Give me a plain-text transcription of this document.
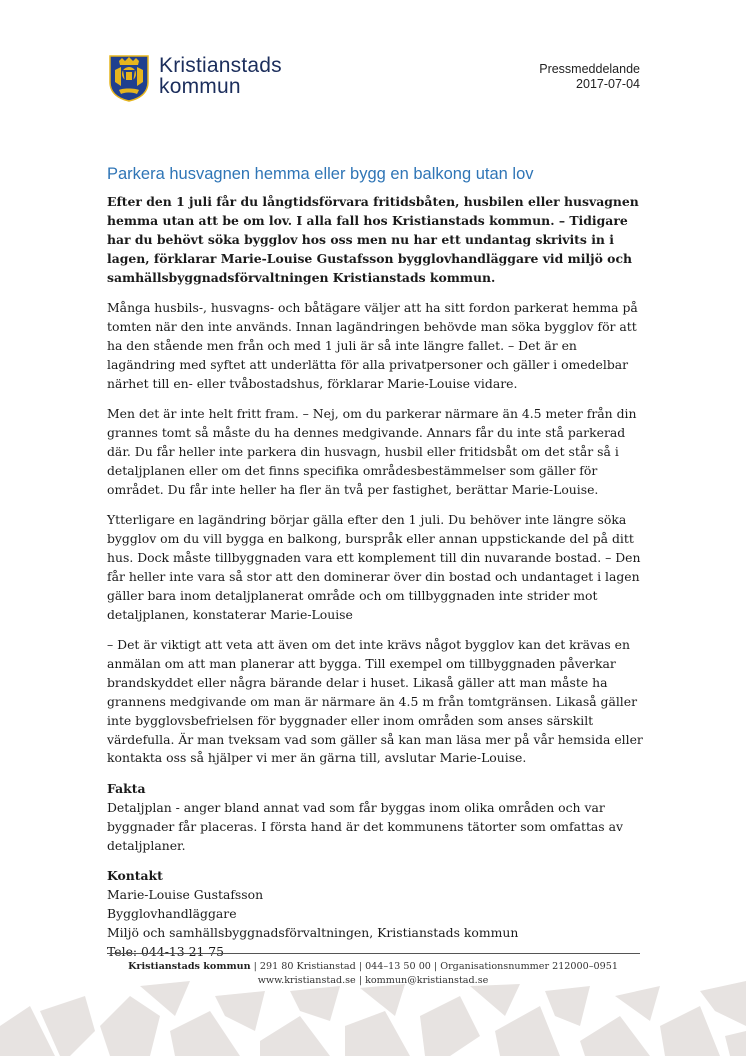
Kristianstads
kommun
Pressmeddelande
2017-07-04
Parkera husvagnen hemma eller bygg en balkong utan lov

Efter den 1 juli får du långtidsförvara fritidsbåten, husbilen eller husvagnen hemma utan att be om lov. I alla fall hos Kristianstads kommun. – Tidigare har du behövt söka bygglov hos oss men nu har ett undantag skrivits in i lagen, förklarar Marie-Louise Gustafsson bygglovhandläggare vid miljö och samhällsbyggnadsförvaltningen Kristianstads kommun.

Många husbils-, husvagns- och båtägare väljer att ha sitt fordon parkerat hemma på tomten när den inte används. Innan lagändringen behövde man söka bygglov för att ha den stående men från och med 1 juli är så inte längre fallet. – Det är en lagändring med syftet att underlätta för alla privatpersoner och gäller i omedelbar närhet till en- eller tvåbostadshus, förklarar Marie-Louise vidare.

Men det är inte helt fritt fram. – Nej, om du parkerar närmare än 4.5 meter från din grannes tomt så måste du ha dennes medgivande. Annars får du inte stå parkerad där. Du får heller inte parkera din husvagn, husbil eller fritidsbåt om det står så i detaljplanen eller om det finns specifika områdesbestämmelser som gäller för området. Du får inte heller ha fler än två per fastighet, berättar Marie-Louise.

Ytterligare en lagändring börjar gälla efter den 1 juli. Du behöver inte längre söka bygglov om du vill bygga en balkong, burspråk eller annan uppstickande del på ditt hus. Dock måste tillbyggnaden vara ett komplement till din nuvarande bostad. – Den får heller inte vara så stor att den dominerar över din bostad och undantaget i lagen gäller bara inom detaljplanerat område och om tillbyggnaden inte strider mot detaljplanen, konstaterar Marie-Louise

– Det är viktigt att veta att även om det inte krävs något bygglov kan det krävas en anmälan om att man planerar att bygga. Till exempel om tillbyggnaden påverkar brandskyddet eller några bärande delar i huset. Likaså gäller att man måste ha grannens medgivande om man är närmare än 4.5 m från tomtgränsen. Likaså gäller inte bygglovsbefrielsen för byggnader eller inom områden som anses särskilt värdefulla. Är man tveksam vad som gäller så kan man läsa mer på vår hemsida eller kontakta oss så hjälper vi mer än gärna till, avslutar Marie-Louise.

Fakta
Detaljplan - anger bland annat vad som får byggas inom olika områden och var byggnader får placeras. I första hand är det kommunens tätorter som omfattas av detaljplaner.

Kontakt
Marie-Louise Gustafsson
Bygglovhandläggare
Miljö och samhällsbyggnadsförvaltningen, Kristianstads kommun
Tele: 044-13 21 75

Kristianstads kommun | 291 80 Kristianstad | 044–13 50 00 | Organisationsnummer 212000–0951
www.kristianstad.se | kommun@kristianstad.se
